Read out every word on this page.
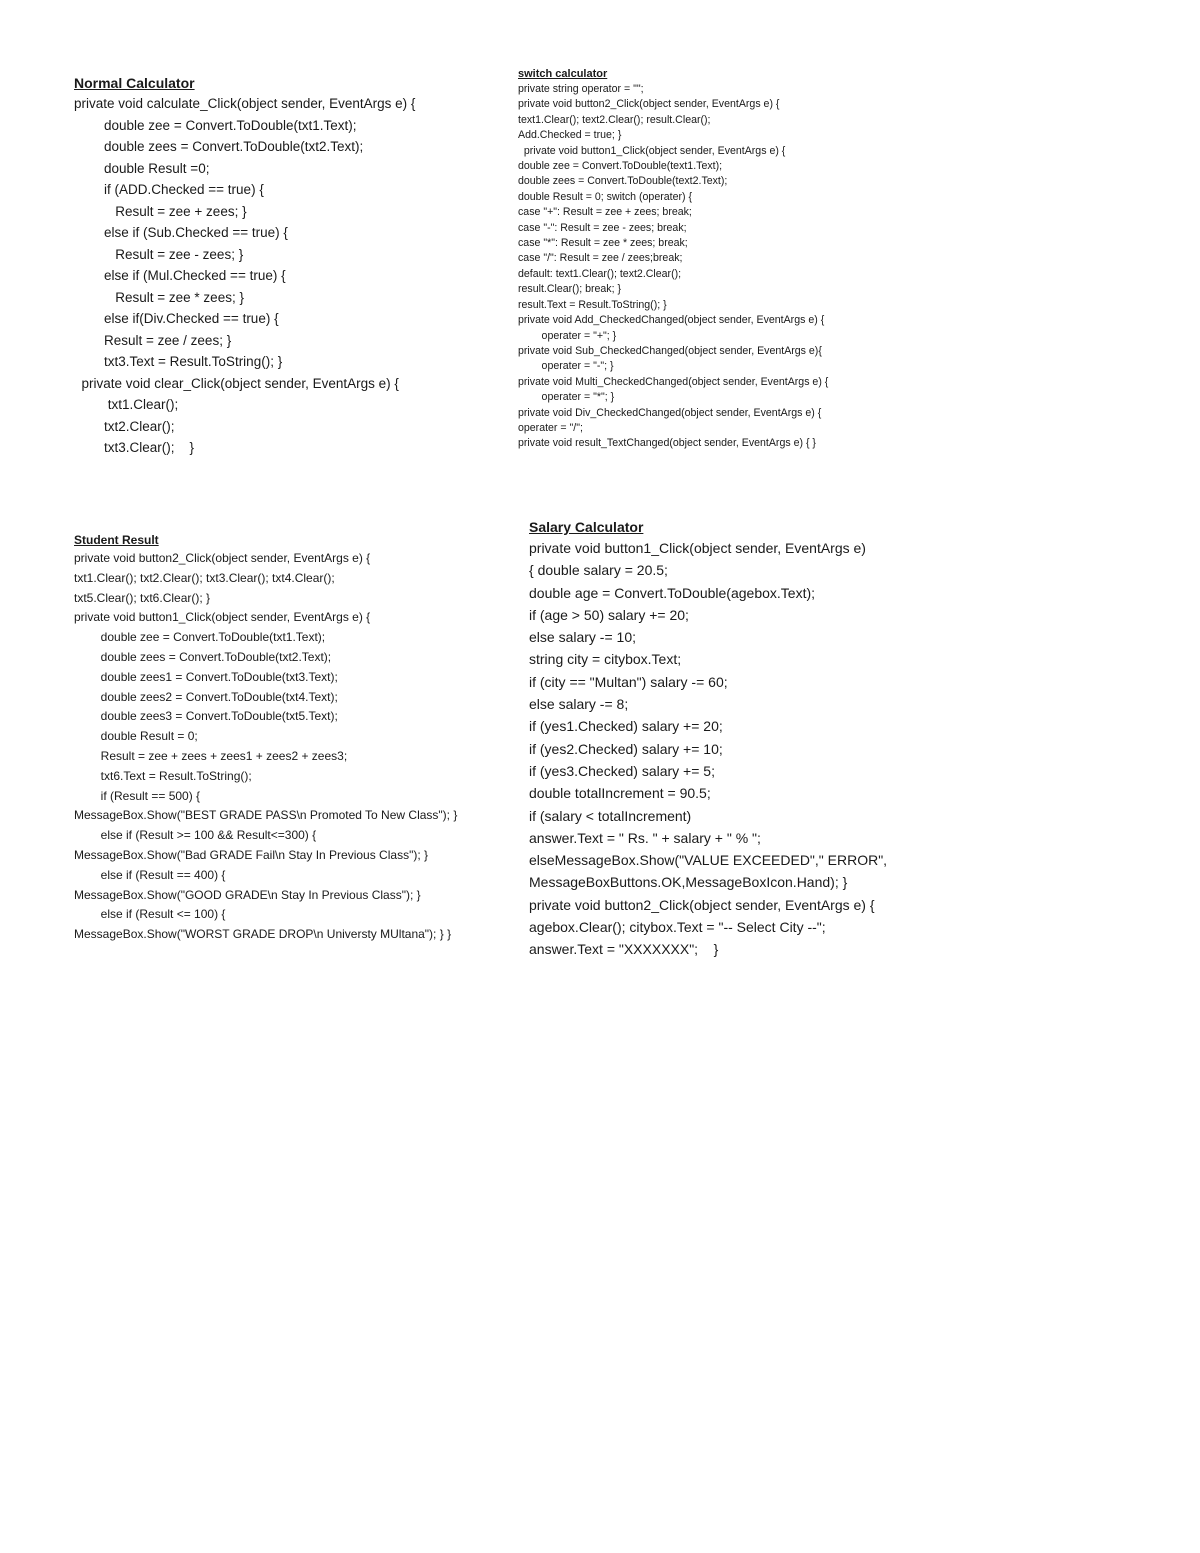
Normal Calculator
private void calculate_Click(object sender, EventArgs e) {
double zee = Convert.ToDouble(txt1.Text);
double zees = Convert.ToDouble(txt2.Text);
double Result =0;
if (ADD.Checked == true) {
Result = zee + zees; }
else if (Sub.Checked == true) {
Result = zee - zees; }
else if (Mul.Checked == true) {
Result = zee * zees; }
else if(Div.Checked == true) {
Result = zee / zees; }
txt3.Text = Result.ToString(); }
private void clear_Click(object sender, EventArgs e) {
txt1.Clear();
txt2.Clear();
txt3.Clear();    }
switch calculator
private string operator = "";
private void button2_Click(object sender, EventArgs e) {
text1.Clear(); text2.Clear(); result.Clear();
Add.Checked = true; }
private void button1_Click(object sender, EventArgs e) {
double zee = Convert.ToDouble(text1.Text);
double zees = Convert.ToDouble(text2.Text);
double Result = 0; switch (operater) {
case "+": Result = zee + zees; break;
case "-": Result = zee - zees; break;
case "*": Result = zee * zees; break;
case "/": Result = zee / zees;break;
default: text1.Clear(); text2.Clear();
result.Clear(); break; }
result.Text = Result.ToString(); }
private void Add_CheckedChanged(object sender, EventArgs e) {
operater = "+"; }
private void Sub_CheckedChanged(object sender, EventArgs e){
operater = "-"; }
private void Multi_CheckedChanged(object sender, EventArgs e) {
operater = "*"; }
private void Div_CheckedChanged(object sender, EventArgs e) {
operater = "/";
private void result_TextChanged(object sender, EventArgs e) { }
Student Result
private void button2_Click(object sender, EventArgs e) {
txt1.Clear(); txt2.Clear(); txt3.Clear(); txt4.Clear();
txt5.Clear(); txt6.Clear(); }
private void button1_Click(object sender, EventArgs e) {
double zee = Convert.ToDouble(txt1.Text);
double zees = Convert.ToDouble(txt2.Text);
double zees1 = Convert.ToDouble(txt3.Text);
double zees2 = Convert.ToDouble(txt4.Text);
double zees3 = Convert.ToDouble(txt5.Text);
double Result = 0;
Result = zee + zees + zees1 + zees2 + zees3;
txt6.Text = Result.ToString();
if (Result == 500) {
MessageBox.Show("BEST GRADE PASS\n Promoted To New Class"); }
else if (Result >= 100 && Result<=300) {
MessageBox.Show("Bad GRADE Fail\n Stay In Previous Class"); }
else if (Result == 400) {
MessageBox.Show("GOOD GRADE\n Stay In Previous Class"); }
else if (Result <= 100) {
MessageBox.Show("WORST GRADE DROP\n Universty MUltana"); } }
Salary Calculator
private void button1_Click(object sender, EventArgs e)
{ double salary = 20.5;
double age = Convert.ToDouble(agebox.Text);
if (age > 50) salary += 20;
else salary -= 10;
string city = citybox.Text;
if (city == "Multan") salary -= 60;
else salary -= 8;
if (yes1.Checked) salary += 20;
if (yes2.Checked) salary += 10;
if (yes3.Checked) salary += 5;
double totalIncrement = 90.5;
if (salary < totalIncrement)
answer.Text = " Rs. " + salary + " % ";
elseMessageBox.Show("VALUE EXCEEDED"," ERROR",
MessageBoxButtons.OK,MessageBoxIcon.Hand); }
private void button2_Click(object sender, EventArgs e) {
agebox.Clear(); citybox.Text = "-- Select City --";
answer.Text = "XXXXXXX";    }
